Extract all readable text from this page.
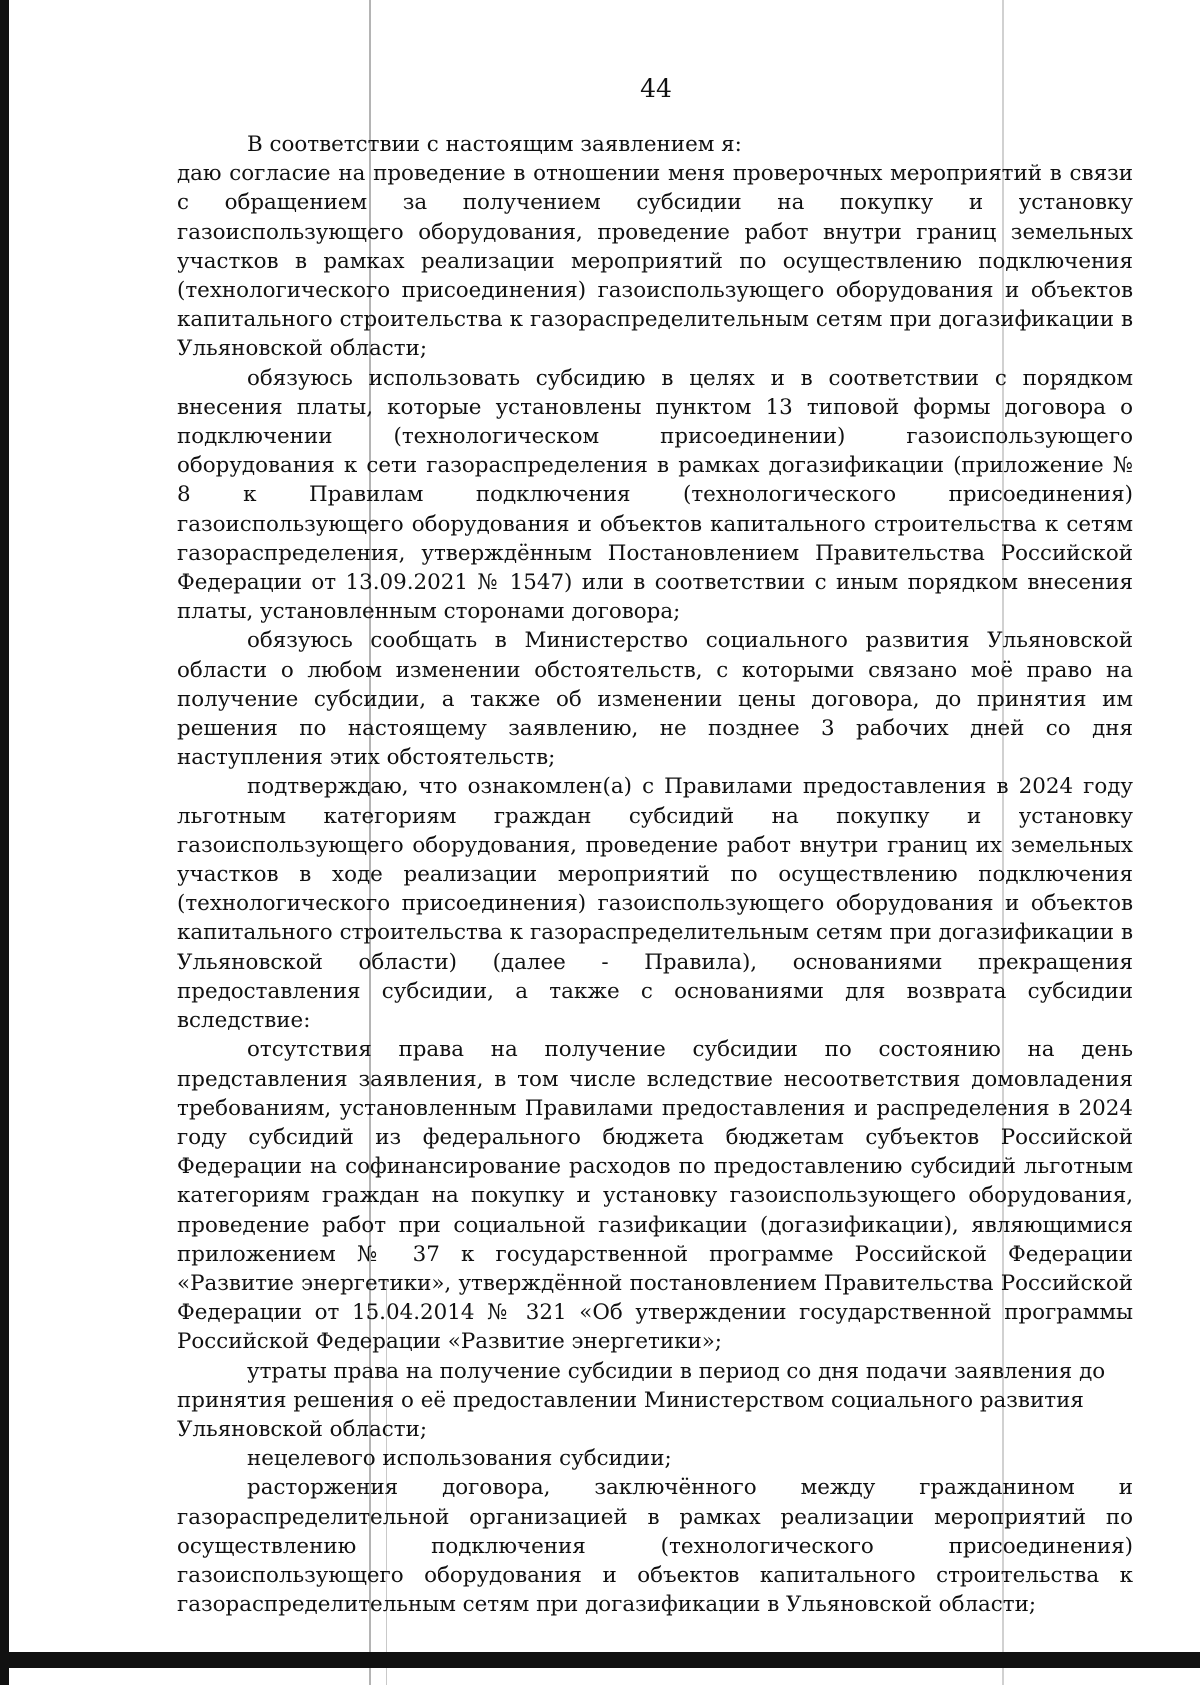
44

В соответствии с настоящим заявлением я:

даю согласие на проведение в отношении меня проверочных мероприятий в связи с обращением за получением субсидии на покупку и установку газоиспользующего оборудования, проведение работ внутри границ земельных участков в рамках реализации мероприятий по осуществлению подключения (технологического присоединения) газоиспользующего оборудования и объектов капитального строительства к газораспределительным сетям при догазификации в Ульяновской области;

обязуюсь использовать субсидию в целях и в соответствии с порядком внесения платы, которые установлены пунктом 13 типовой формы договора о подключении (технологическом присоединении) газоиспользующего оборудования к сети газораспределения в рамках догазификации (приложение № 8 к Правилам подключения (технологического присоединения) газоиспользующего оборудования и объектов капитального строительства к сетям газораспределения, утверждённым Постановлением Правительства Российской Федерации от 13.09.2021 № 1547) или в соответствии с иным порядком внесения платы, установленным сторонами договора;

обязуюсь сообщать в Министерство социального развития Ульяновской области о любом изменении обстоятельств, с которыми связано моё право на получение субсидии, а также об изменении цены договора, до принятия им решения по настоящему заявлению, не позднее 3 рабочих дней со дня наступления этих обстоятельств;

подтверждаю, что ознакомлен(а) с Правилами предоставления в 2024 году льготным категориям граждан субсидий на покупку и установку газоиспользующего оборудования, проведение работ внутри границ их земельных участков в ходе реализации мероприятий по осуществлению подключения (технологического присоединения) газоиспользующего оборудования и объектов капитального строительства к газораспределительным сетям при догазификации в Ульяновской области) (далее - Правила), основаниями прекращения предоставления субсидии, а также с основаниями для возврата субсидии вследствие:

отсутствия права на получение субсидии по состоянию на день представления заявления, в том числе вследствие несоответствия домовладения требованиям, установленным Правилами предоставления и распределения в 2024 году субсидий из федерального бюджета бюджетам субъектов Российской Федерации на софинансирование расходов по предоставлению субсидий льготным категориям граждан на покупку и установку газоиспользующего оборудования, проведение работ при социальной газификации (догазификации), являющимися приложением № 37 к государственной программе Российской Федерации «Развитие энергетики», утверждённой постановлением Правительства Российской Федерации от 15.04.2014 № 321 «Об утверждении государственной программы Российской Федерации «Развитие энергетики»;

утраты права на получение субсидии в период со дня подачи заявления до принятия решения о её предоставлении Министерством социального развития Ульяновской области;

нецелевого использования субсидии;

расторжения договора, заключённого между гражданином и газораспределительной организацией в рамках реализации мероприятий по осуществлению подключения (технологического присоединения) газоиспользующего оборудования и объектов капитального строительства к газораспределительным сетям при догазификации в Ульяновской области;
